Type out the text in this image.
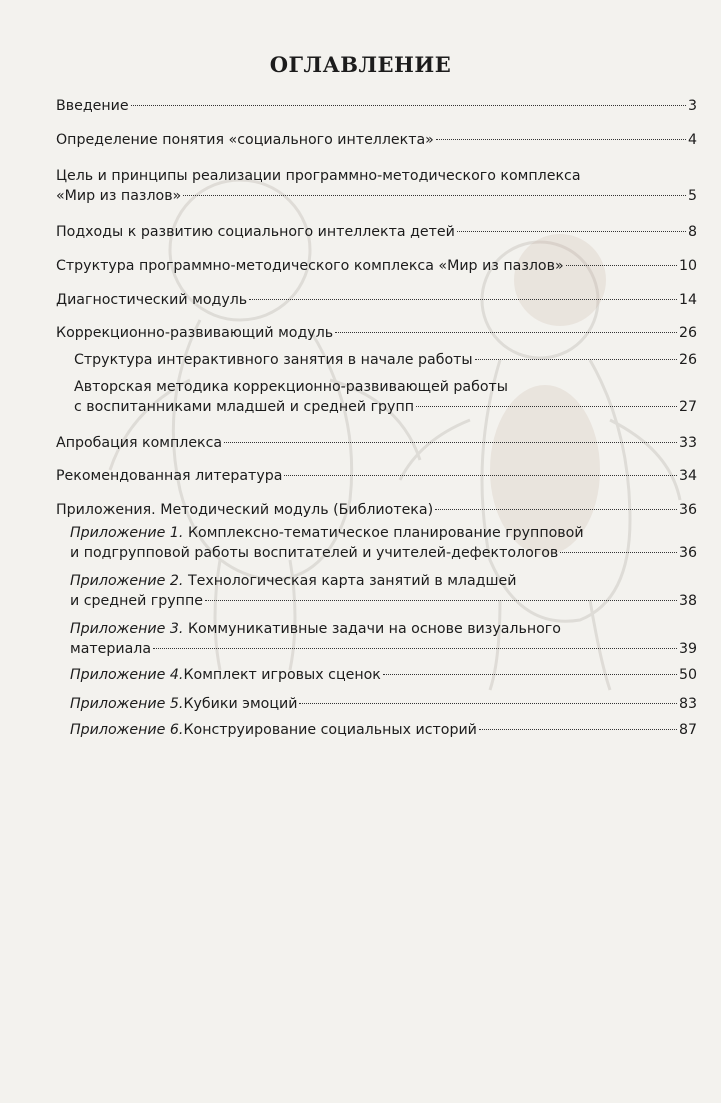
ОГЛАВЛЕНИЕ
Введение	3
Определение понятия «социального интеллекта»	4
Цель и принципы реализации программно-методического комплекса
«Мир из пазлов»	5
Подходы к развитию социального интеллекта детей	8
Структура программно-методического комплекса «Мир из пазлов»	10
Диагностический модуль	14
Коррекционно-развивающий модуль	26
Структура интерактивного занятия в начале работы	26
Авторская методика коррекционно-развивающей работы
с воспитанниками младшей и средней групп	27
Апробация комплекса	33
Рекомендованная литература	34
Приложения. Методический модуль (Библиотека)	36
Приложение 1. Комплексно-тематическое планирование групповой
и подгрупповой работы воспитателей и учителей-дефектологов	36
Приложение 2. Технологическая карта занятий в младшей
и средней группе	38
Приложение 3. Коммуникативные задачи на основе визуального
материала	39
Приложение 4. Комплект игровых сценок	50
Приложение 5. Кубики эмоций	83
Приложение 6. Конструирование социальных историй	87
